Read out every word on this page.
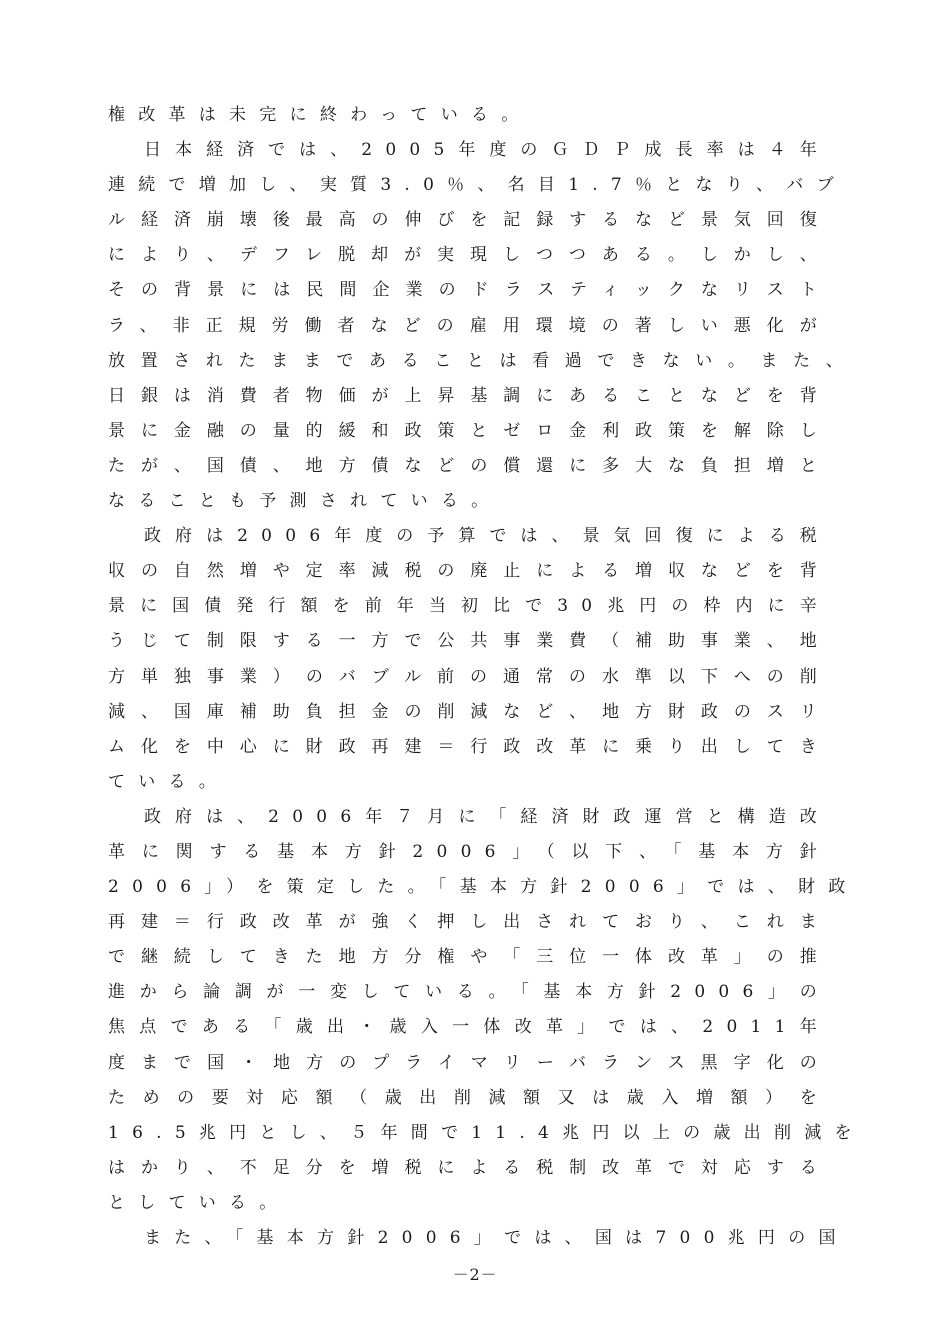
権改革は未完に終わっている。
日本経済では、2005年度のＧＤＰ成長率は４年
連続で増加し、実質3.0％、名目1.7％となり、バブ
ル経済崩壊後最高の伸びを記録するなど景気回復
により、デフレ脱却が実現しつつある。しかし、
その背景には民間企業のドラスティックなリスト
ラ、非正規労働者などの雇用環境の著しい悪化が
放置されたままであることは看過できない。また、
日銀は消費者物価が上昇基調にあることなどを背
景に金融の量的緩和政策とゼロ金利政策を解除し
たが、国債、地方債などの償還に多大な負担増と
なることも予測されている。
政府は2006年度の予算では、景気回復による税
収の自然増や定率減税の廃止による増収などを背
景に国債発行額を前年当初比で30兆円の枠内に辛
うじて制限する一方で公共事業費（補助事業、地
方単独事業）のバブル前の通常の水準以下への削
減、国庫補助負担金の削減など、地方財政のスリ
ム化を中心に財政再建＝行政改革に乗り出してき
ている。
政府は、2006年７月に「経済財政運営と構造改
革に関する基本方針2006」（以下、「基本方針
2006」）を策定した。「基本方針2006」では、財政
再建＝行政改革が強く押し出されており、これま
で継続してきた地方分権や「三位一体改革」の推
進から論調が一変している。「基本方針2006」の
焦点である「歳出・歳入一体改革」では、2011年
度まで国・地方のプライマリーバランス黒字化の
ための要対応額（歳出削減額又は歳入増額）を
16.5兆円とし、５年間で11.4兆円以上の歳出削減を
はかり、不足分を増税による税制改革で対応する
としている。
また、「基本方針2006」では、国は700兆円の国
－2－
